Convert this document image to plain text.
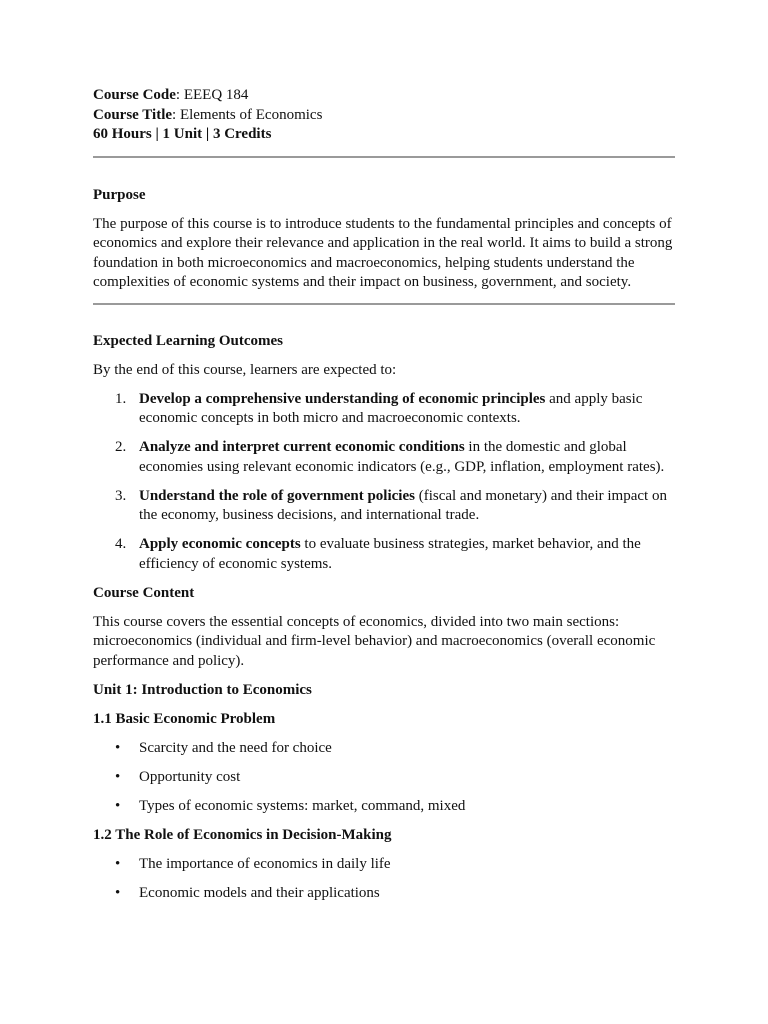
Course Code: EEEQ 184

Course Title: Elements of Economics

60 Hours | 1 Unit | 3 Credits

Purpose

The purpose of this course is to introduce students to the fundamental principles and concepts of economics and explore their relevance and application in the real world. It aims to build a strong foundation in both microeconomics and macroeconomics, helping students understand the complexities of economic systems and their impact on business, government, and society.

Expected Learning Outcomes

By the end of this course, learners are expected to:

1. Develop a comprehensive understanding of economic principles and apply basic economic concepts in both micro and macroeconomic contexts.
2. Analyze and interpret current economic conditions in the domestic and global economies using relevant economic indicators (e.g., GDP, inflation, employment rates).
3. Understand the role of government policies (fiscal and monetary) and their impact on the economy, business decisions, and international trade.
4. Apply economic concepts to evaluate business strategies, market behavior, and the efficiency of economic systems.

Course Content

This course covers the essential concepts of economics, divided into two main sections: microeconomics (individual and firm-level behavior) and macroeconomics (overall economic performance and policy).

Unit 1: Introduction to Economics

1.1 Basic Economic Problem

• Scarcity and the need for choice
• Opportunity cost
• Types of economic systems: market, command, mixed

1.2 The Role of Economics in Decision-Making

• The importance of economics in daily life
• Economic models and their applications
